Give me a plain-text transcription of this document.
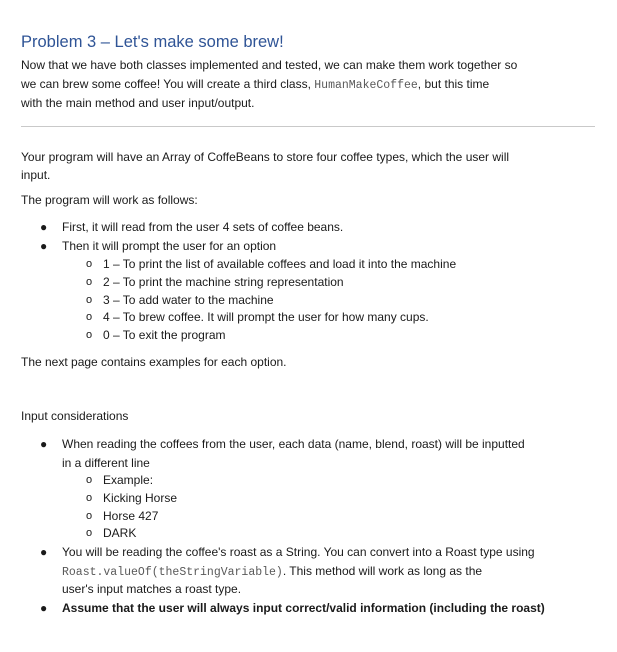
Problem 3 – Let's make some brew!
Now that we have both classes implemented and tested, we can make them work together so
we can brew some coffee! You will create a third class, HumanMakeCoffee, but this time
with the main method and user input/output.
Your program will have an Array of CoffeBeans to store four coffee types, which the user will
input.
The program will work as follows:
● First, it will read from the user 4 sets of coffee beans.
● Then it will prompt the user for an option
o 1 – To print the list of available coffees and load it into the machine
o 2 – To print the machine string representation
o 3 – To add water to the machine
o 4 – To brew coffee. It will prompt the user for how many cups.
o 0 – To exit the program
The next page contains examples for each option.
Input considerations
● When reading the coffees from the user, each data (name, blend, roast) will be inputted
in a different line
o Example:
o Kicking Horse
o Horse 427
o DARK
● You will be reading the coffee's roast as a String. You can convert into a Roast type using
Roast.valueOf(theStringVariable). This method will work as long as the
user's input matches a roast type.
● Assume that the user will always input correct/valid information (including the roast)
